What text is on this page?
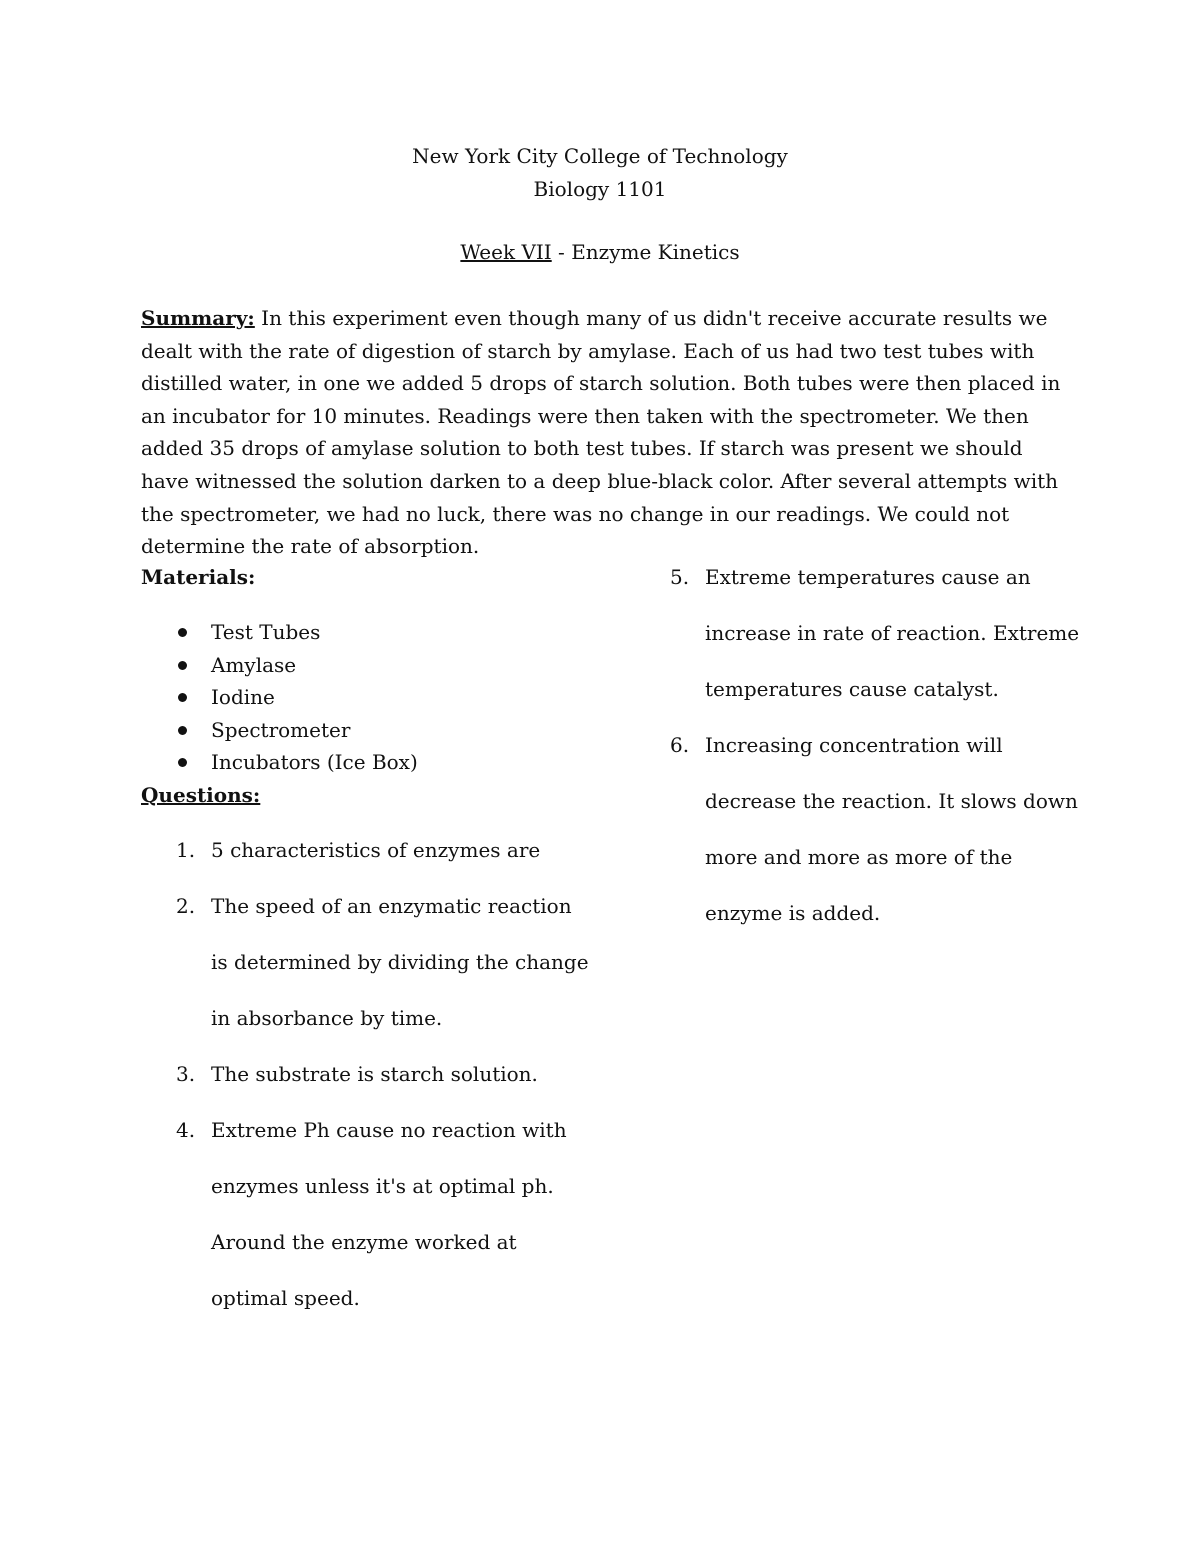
New York City College of Technology
Biology 1101
Week VII - Enzyme Kinetics
Summary: In this experiment even though many of us didn't receive accurate results we dealt with the rate of digestion of starch by amylase. Each of us had two test tubes with distilled water, in one we added 5 drops of starch solution. Both tubes were then placed in an incubator for 10 minutes. Readings were then taken with the spectrometer. We then added 35 drops of amylase solution to both test tubes. If starch was present we should have witnessed the solution darken to a deep blue-black color. After several attempts with the spectrometer, we had no luck, there was no change in our readings. We could not determine the rate of absorption.
Materials:
Test Tubes
Amylase
Iodine
Spectrometer
Incubators (Ice Box)
Questions:
1. 5 characteristics of enzymes are
2. The speed of an enzymatic reaction
is determined by dividing the change
in absorbance by time.
3. The substrate is starch solution.
4. Extreme Ph cause no reaction with
enzymes unless it's at optimal ph.
Around the enzyme worked at
optimal speed.
5. Extreme temperatures cause an
increase in rate of reaction. Extreme
temperatures cause catalyst.
6. Increasing concentration will
decrease the reaction. It slows down
more and more as more of the
enzyme is added.
